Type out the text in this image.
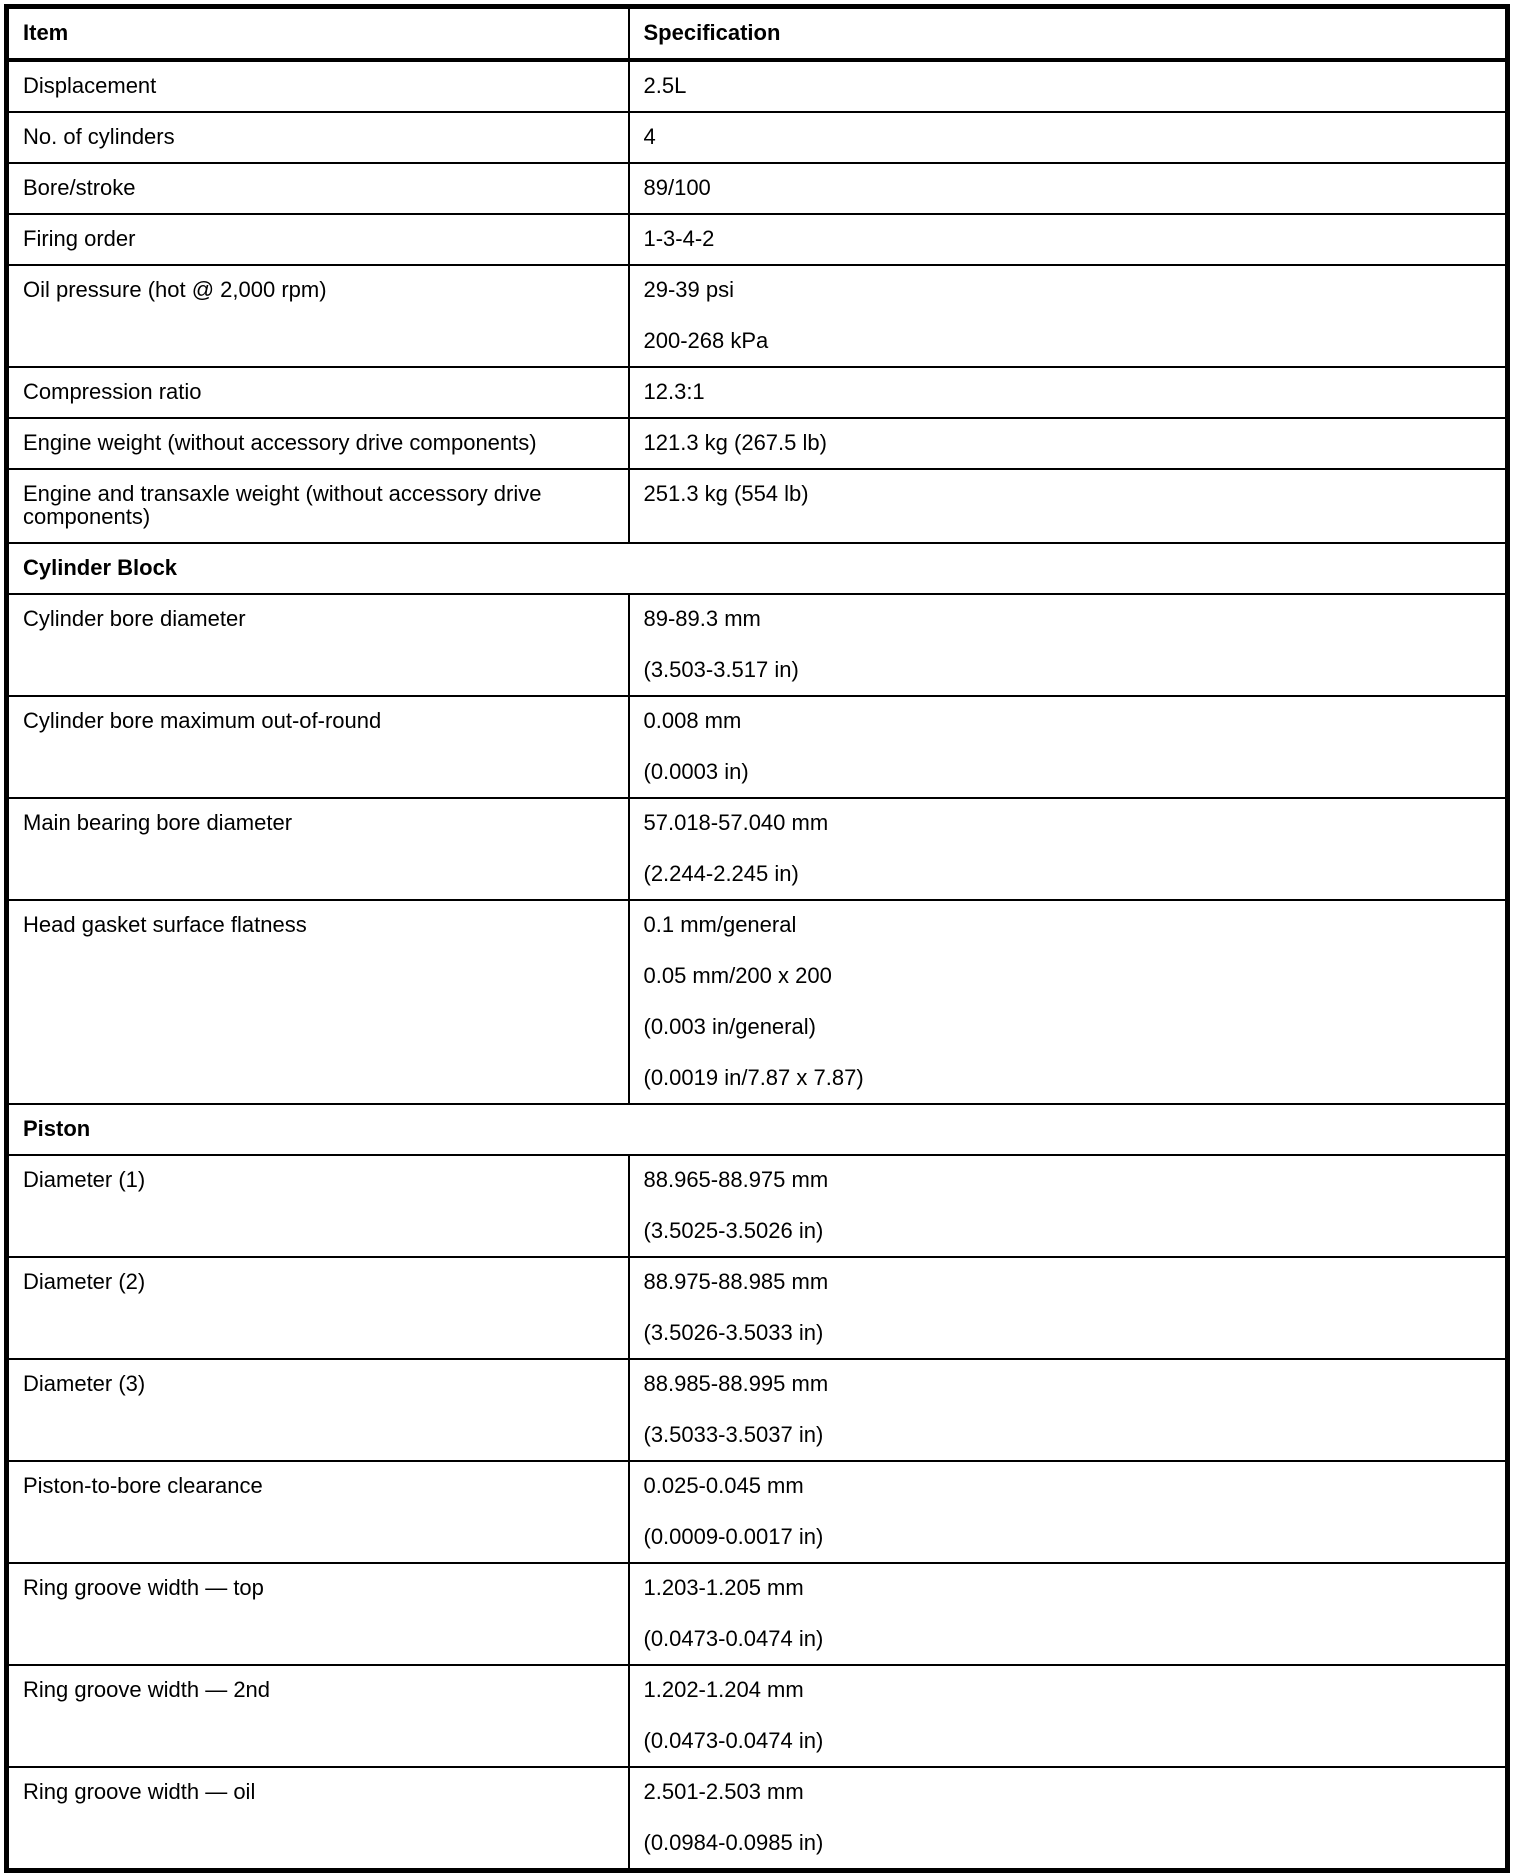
Item	Specification
Displacement	2.5L

No. of cylinders	4

Bore/stroke	89/100

Firing order	1-3-4-2

Oil pressure (hot @ 2,000 rpm)	29-39 psi

200-268 kPa

Compression ratio	12.3:1

Engine weight (without accessory drive components)	121.3 kg (267.5 lb)

Engine and transaxle weight (without accessory drive components)	251.3 kg (554 lb)

Cylinder Block	
Cylinder bore diameter	89-89.3 mm

(3.503-3.517 in)

Cylinder bore maximum out-of-round	0.008 mm

(0.0003 in)

Main bearing bore diameter	57.018-57.040 mm

(2.244-2.245 in)

Head gasket surface flatness	0.1 mm/general

0.05 mm/200 x 200

(0.003 in/general)

(0.0019 in/7.87 x 7.87)

Piston	
Diameter (1)	88.965-88.975 mm

(3.5025-3.5026 in)

Diameter (2)	88.975-88.985 mm

(3.5026-3.5033 in)

Diameter (3)	88.985-88.995 mm

(3.5033-3.5037 in)

Piston-to-bore clearance	0.025-0.045 mm

(0.0009-0.0017 in)

Ring groove width — top	1.203-1.205 mm

(0.0473-0.0474 in)

Ring groove width — 2nd	1.202-1.204 mm

(0.0473-0.0474 in)

Ring groove width — oil	2.501-2.503 mm

(0.0984-0.0985 in)
